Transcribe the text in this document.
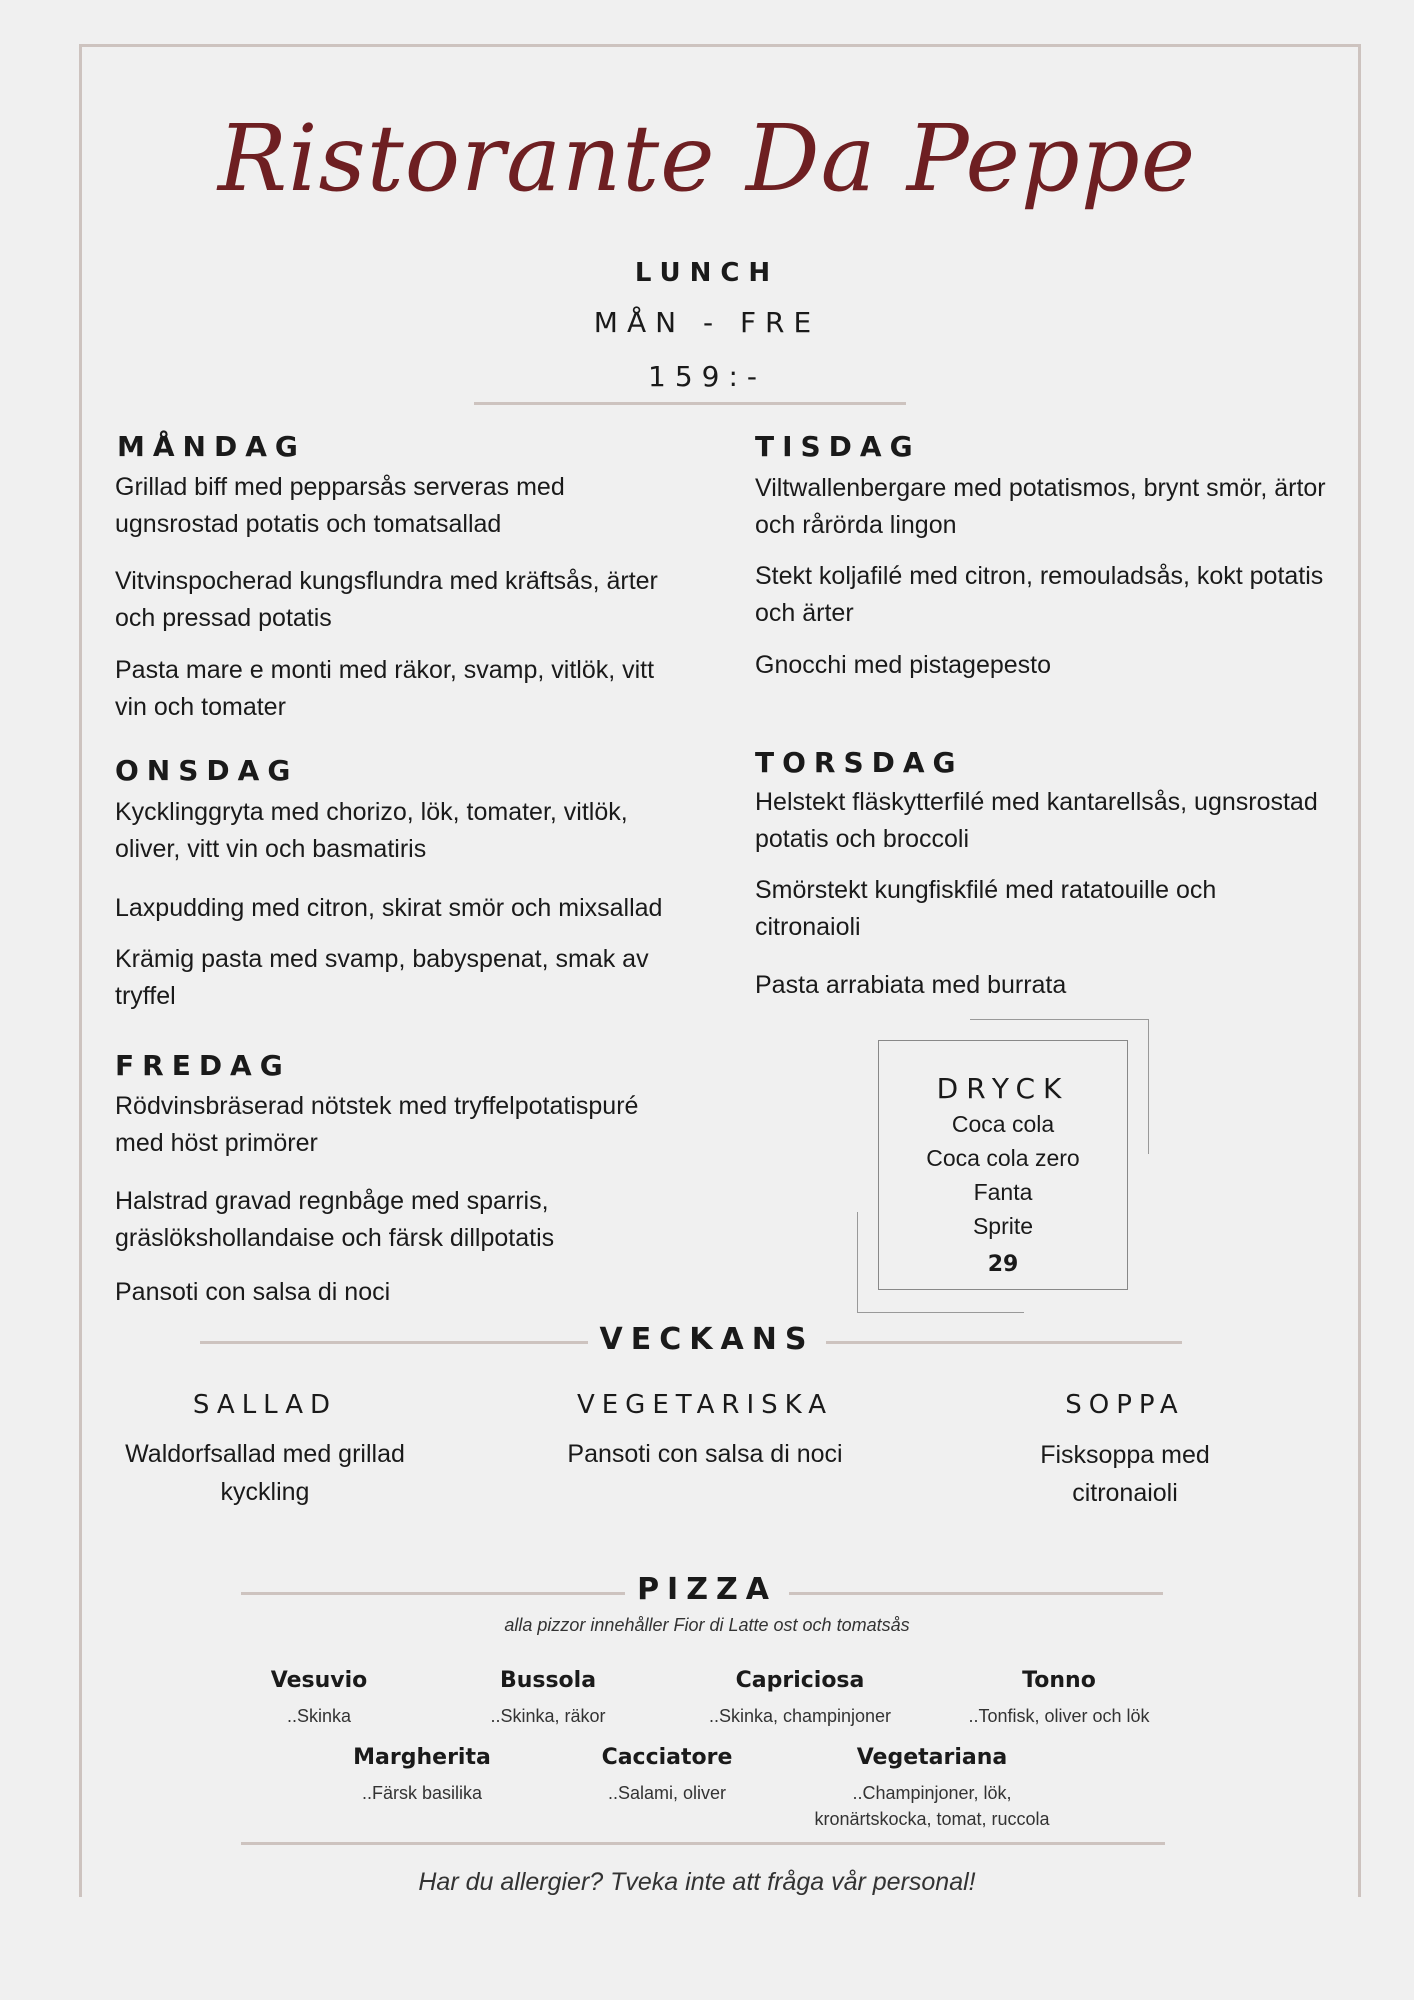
Ristorante Da Peppe
LUNCH
MÅN - FRE
159:-
MÅNDAG
Grillad biff med pepparsås serveras med ugnsrostad potatis och tomatsallad
Vitvinspocherad kungsflundra med kräftsås, ärter och pressad potatis
Pasta mare e monti med räkor, svamp, vitlök, vitt vin och tomater
TISDAG
Viltwallenbergare med potatismos, brynt smör, ärtor och rårörda lingon
Stekt koljafilé med citron, remouladsås, kokt potatis och ärter
Gnocchi med pistagepesto
ONSDAG
Kycklinggryta med chorizo, lök, tomater, vitlök, oliver, vitt vin och basmatiris
Laxpudding med citron, skirat smör och mixsallad
Krämig pasta med svamp, babyspenat, smak av tryffel
TORSDAG
Helstekt fläskytterfilé med kantarellsås, ugnsrostad potatis och broccoli
Smörstekt kungfiskfilé med ratatouille och citronaioli
Pasta arrabiata med burrata
FREDAG
Rödvinsbräserad nötstek med tryffelpotatispuré med höst primörer
Halstrad gravad regnbåge med sparris, gräslökshollandaise och färsk dillpotatis
Pansoti con salsa di noci
DRYCK
Coca cola
Coca cola zero
Fanta
Sprite
29
VECKANS
SALLAD
Waldorfsallad med grillad kyckling
VEGETARISKA
Pansoti con salsa di noci
SOPPA
Fisksoppa med citronaioli
PIZZA
alla pizzor innehåller Fior di Latte ost och tomatsås
Vesuvio
..Skinka
Bussola
..Skinka, räkor
Capriciosa
..Skinka, champinjoner
Tonno
..Tonfisk, oliver och lök
Margherita
..Färsk basilika
Cacciatore
..Salami, oliver
Vegetariana
..Champinjoner, lök, kronärtskocka, tomat, ruccola
Har du allergier? Tveka inte att fråga vår personal!
